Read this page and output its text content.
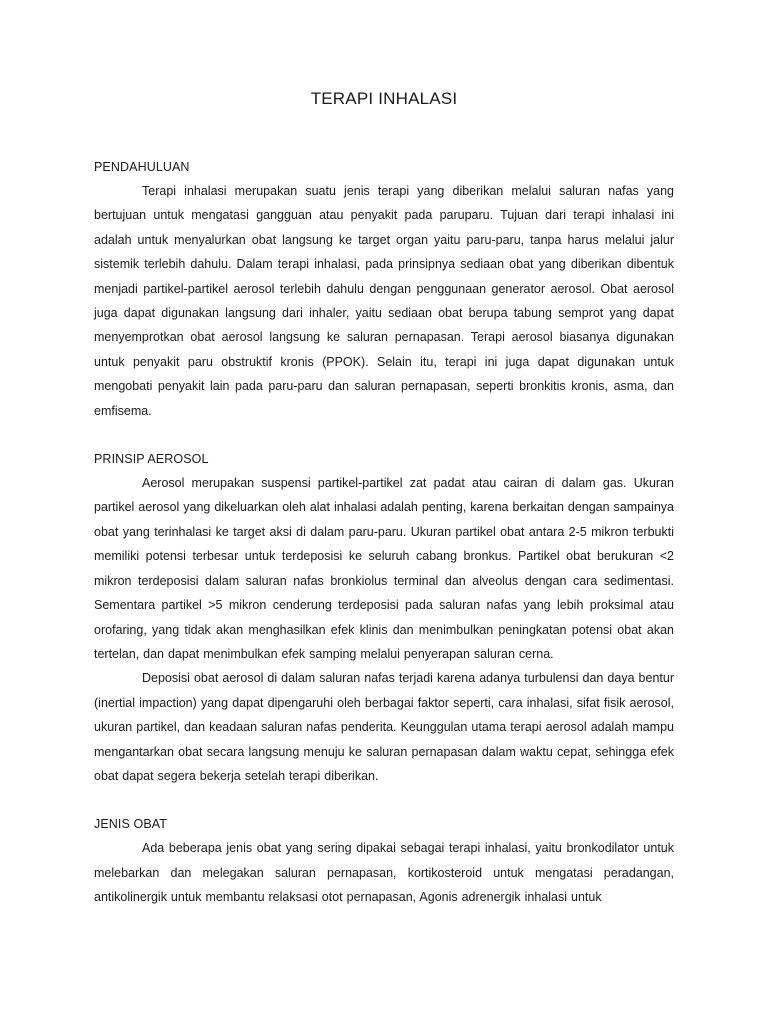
TERAPI INHALASI
PENDAHULUAN

Terapi inhalasi merupakan suatu jenis terapi yang diberikan melalui saluran nafas yang bertujuan untuk mengatasi gangguan atau penyakit pada paruparu. Tujuan dari terapi inhalasi ini adalah untuk menyalurkan obat langsung ke target organ yaitu paru-paru, tanpa harus melalui jalur sistemik terlebih dahulu. Dalam terapi inhalasi, pada prinsipnya sediaan obat yang diberikan dibentuk menjadi partikel-partikel aerosol terlebih dahulu dengan penggunaan generator aerosol. Obat aerosol juga dapat digunakan langsung dari inhaler, yaitu sediaan obat berupa tabung semprot yang dapat menyemprotkan obat aerosol langsung ke saluran pernapasan. Terapi aerosol biasanya digunakan untuk penyakit paru obstruktif kronis (PPOK). Selain itu, terapi ini juga dapat digunakan untuk mengobati penyakit lain pada paru-paru dan saluran pernapasan, seperti bronkitis kronis, asma, dan emfisema.

PRINSIP AEROSOL

Aerosol merupakan suspensi partikel-partikel zat padat atau cairan di dalam gas. Ukuran partikel aerosol yang dikeluarkan oleh alat inhalasi adalah penting, karena berkaitan dengan sampainya obat yang terinhalasi ke target aksi di dalam paru-paru. Ukuran partikel obat antara 2-5 mikron terbukti memiliki potensi terbesar untuk terdeposisi ke seluruh cabang bronkus. Partikel obat berukuran <2 mikron terdeposisi dalam saluran nafas bronkiolus terminal dan alveolus dengan cara sedimentasi. Sementara partikel >5 mikron cenderung terdeposisi pada saluran nafas yang lebih proksimal atau orofaring, yang tidak akan menghasilkan efek klinis dan menimbulkan peningkatan potensi obat akan tertelan, dan dapat menimbulkan efek samping melalui penyerapan saluran cerna.

Deposisi obat aerosol di dalam saluran nafas terjadi karena adanya turbulensi dan daya bentur (inertial impaction) yang dapat dipengaruhi oleh berbagai faktor seperti, cara inhalasi, sifat fisik aerosol, ukuran partikel, dan keadaan saluran nafas penderita. Keunggulan utama terapi aerosol adalah mampu mengantarkan obat secara langsung menuju ke saluran pernapasan dalam waktu cepat, sehingga efek obat dapat segera bekerja setelah terapi diberikan.

JENIS OBAT

Ada beberapa jenis obat yang sering dipakai sebagai terapi inhalasi, yaitu bronkodilator untuk melebarkan dan melegakan saluran pernapasan, kortikosteroid untuk mengatasi peradangan, antikolinergik untuk membantu relaksasi otot pernapasan, Agonis adrenergik inhalasi untuk
